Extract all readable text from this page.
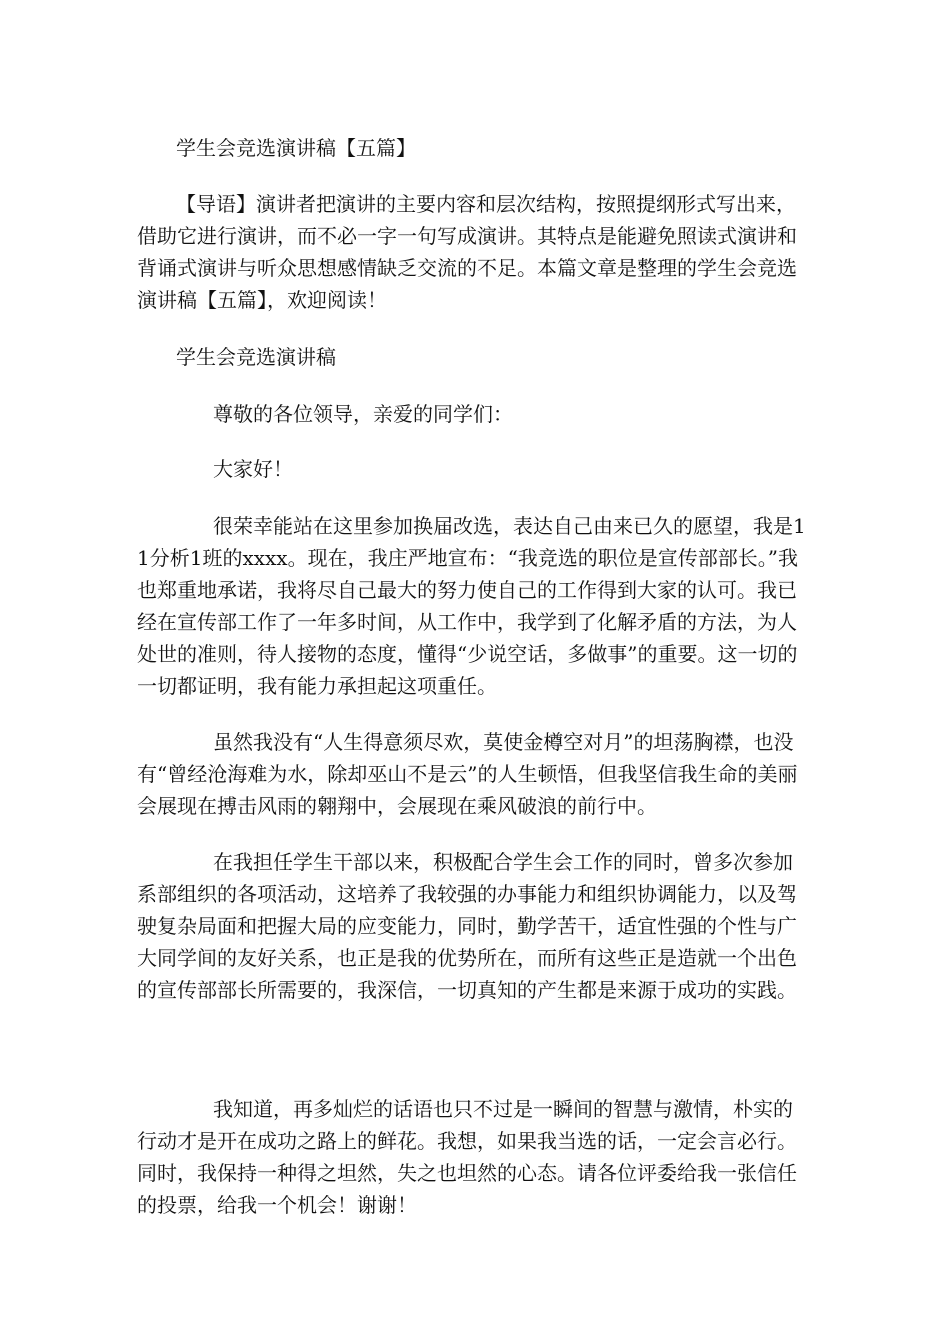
学生会竞选演讲稿【五篇】

【导语】演讲者把演讲的主要内容和层次结构，按照提纲形式写出来，借助它进行演讲，而不必一字一句写成演讲。其特点是能避免照读式演讲和背诵式演讲与听众思想感情缺乏交流的不足。本篇文章是整理的学生会竞选演讲稿【五篇】，欢迎阅读！

学生会竞选演讲稿

尊敬的各位领导，亲爱的同学们：

大家好！

很荣幸能站在这里参加换届改选，表达自己由来已久的愿望，我是11分析1班的xxxx。现在，我庄严地宣布：“我竞选的职位是宣传部部长。”我也郑重地承诺，我将尽自己最大的努力使自己的工作得到大家的认可。我已经在宣传部工作了一年多时间，从工作中，我学到了化解矛盾的方法，为人处世的准则，待人接物的态度，懂得“少说空话，多做事”的重要。这一切的一切都证明，我有能力承担起这项重任。

虽然我没有“人生得意须尽欢，莫使金樽空对月”的坦荡胸襟，也没有“曾经沧海难为水，除却巫山不是云”的人生顿悟，但我坚信我生命的美丽会展现在搏击风雨的翱翔中，会展现在乘风破浪的前行中。

在我担任学生干部以来，积极配合学生会工作的同时，曾多次参加系部组织的各项活动，这培养了我较强的办事能力和组织协调能力，以及驾驶复杂局面和把握大局的应变能力，同时，勤学苦干，适宜性强的个性与广大同学间的友好关系，也正是我的优势所在，而所有这些正是造就一个出色的宣传部部长所需要的，我深信，一切真知的产生都是来源于成功的实践。

我知道，再多灿烂的话语也只不过是一瞬间的智慧与激情，朴实的行动才是开在成功之路上的鲜花。我想，如果我当选的话，一定会言必行。同时，我保持一种得之坦然，失之也坦然的心态。请各位评委给我一张信任的投票，给我一个机会！谢谢！
